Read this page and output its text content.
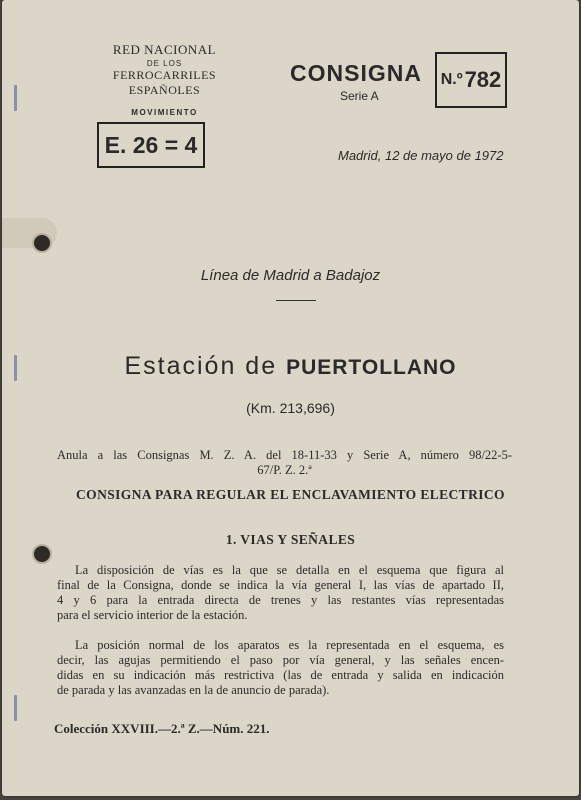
RED NACIONAL
DE LOS
FERROCARRILES ESPAÑOLES
MOVIMIENTO
E. 26 = 4
CONSIGNA
Serie A
N.º 782
Madrid, 12 de mayo de 1972
Línea de Madrid a Badajoz
Estación de PUERTOLLANO
(Km. 213,696)
Anula a las Consignas M. Z. A. del 18-11-33 y Serie A, número 98/22-5-
67/P. Z. 2.ª
CONSIGNA PARA REGULAR EL ENCLAVAMIENTO ELECTRICO
1. VIAS Y SEÑALES
La disposición de vías es la que se detalla en el esquema que figura al
final de la Consigna, donde se indica la vía general I, las vías de apartado II,
4 y 6 para la entrada directa de trenes y las restantes vías representadas
para el servicio interior de la estación.
La posición normal de los aparatos es la representada en el esquema, es
decir, las agujas permitiendo el paso por vía general, y las señales encen-
didas en su indicación más restrictiva (las de entrada y salida en indicación
de parada y las avanzadas en la de anuncio de parada).
Colección XXVIII.—2.ª Z.—Núm. 221.
